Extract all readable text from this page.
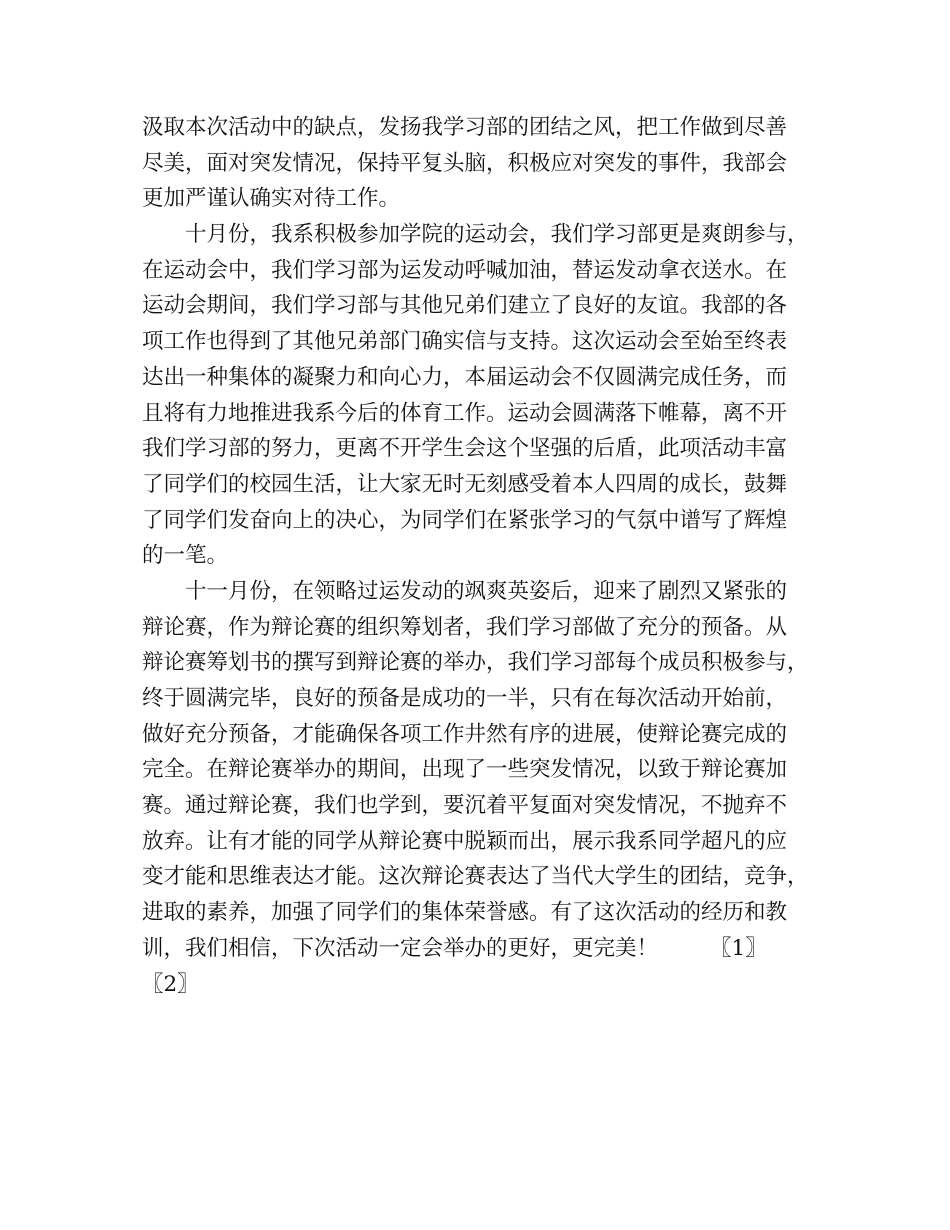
汲取本次活动中的缺点，发扬我学习部的团结之风，把工作做到尽善
尽美，面对突发情况，保持平复头脑，积极应对突发的事件，我部会
更加严谨认确实对待工作。
十月份，我系积极参加学院的运动会，我们学习部更是爽朗参与，
在运动会中，我们学习部为运发动呼喊加油，替运发动拿衣送水。在
运动会期间，我们学习部与其他兄弟们建立了良好的友谊。我部的各
项工作也得到了其他兄弟部门确实信与支持。这次运动会至始至终表
达出一种集体的凝聚力和向心力，本届运动会不仅圆满完成任务，而
且将有力地推进我系今后的体育工作。运动会圆满落下帷幕，离不开
我们学习部的努力，更离不开学生会这个坚强的后盾，此项活动丰富
了同学们的校园生活，让大家无时无刻感受着本人四周的成长，鼓舞
了同学们发奋向上的决心，为同学们在紧张学习的气氛中谱写了辉煌
的一笔。
十一月份，在领略过运发动的飒爽英姿后，迎来了剧烈又紧张的
辩论赛，作为辩论赛的组织筹划者，我们学习部做了充分的预备。从
辩论赛筹划书的撰写到辩论赛的举办，我们学习部每个成员积极参与，
终于圆满完毕，良好的预备是成功的一半，只有在每次活动开始前，
做好充分预备，才能确保各项工作井然有序的进展，使辩论赛完成的
完全。在辩论赛举办的期间，出现了一些突发情况，以致于辩论赛加
赛。通过辩论赛，我们也学到，要沉着平复面对突发情况，不抛弃不
放弃。让有才能的同学从辩论赛中脱颖而出，展示我系同学超凡的应
变才能和思维表达才能。这次辩论赛表达了当代大学生的团结，竞争，
进取的素养，加强了同学们的集体荣誉感。有了这次活动的经历和教
训，我们相信，下次活动一定会举办的更好，更完美！ 〖1〗
〖2〗
